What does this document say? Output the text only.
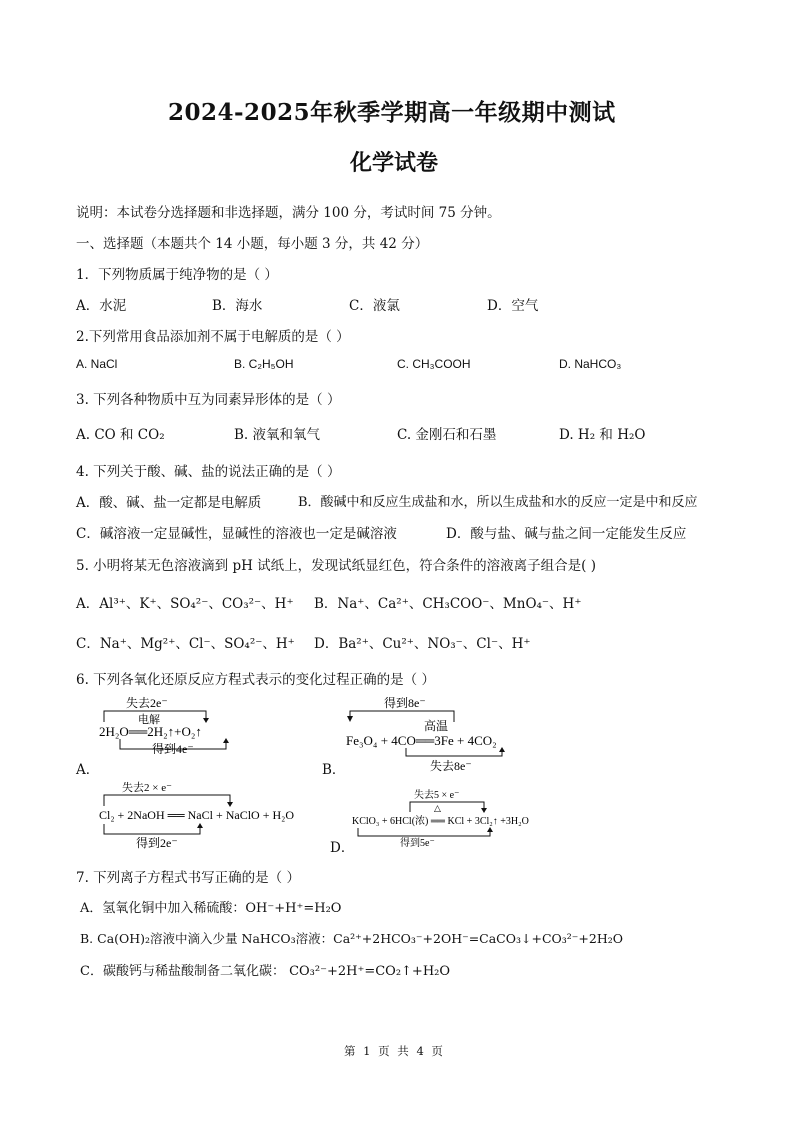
2024-2025年秋季学期高一年级期中测试
化学试卷
说明：本试卷分选择题和非选择题，满分 100 分，考试时间 75 分钟。
一、选择题（本题共个 14 小题，每小题 3 分，共 42 分）
1．下列物质属于纯净物的是（ ）
A．水泥	B．海水	C．液氯	D．空气
2.下列常用食品添加剂不属于电解质的是（ ）
A. NaCl	B. C₂H₅OH	C. CH₃COOH	D. NaHCO₃
3. 下列各种物质中互为同素异形体的是（ ）
A. CO 和 CO₂	B. 液氧和氧气	C. 金刚石和石墨	D. H₂ 和 H₂O
4. 下列关于酸、碱、盐的说法正确的是（ ）
A．酸、碱、盐一定都是电解质	B．酸碱中和反应生成盐和水，所以生成盐和水的反应一定是中和反应
C．碱溶液一定显碱性，显碱性的溶液也一定是碱溶液	D．酸与盐、碱与盐之间一定能发生反应
5. 小明将某无色溶液滴到 pH 试纸上，发现试纸显红色，符合条件的溶液离子组合是( )
A．Al³⁺、K⁺、SO₄²⁻、CO₃²⁻、H⁺ B．Na⁺、Ca²⁺、CH₃COO⁻、MnO₄⁻、H⁺
C．Na⁺、Mg²⁺、Cl⁻、SO₄²⁻、H⁺ D．Ba²⁺、Cu²⁺、NO₃⁻、Cl⁻、H⁺
6. 下列各氧化还原反应方程式表示的变化过程正确的是（ ）
失去2e⁻
电解
2H₂O══2H₂↑+O₂↑
得到4e⁻
A．
得到8e⁻
高温
Fe₃O₄ + 4CO══3Fe + 4CO₂
失去8e⁻
B．
失去2 × e⁻
Cl₂ + 2NaOH ══ NaCl + NaClO + H₂O
得到2e⁻
失去5 × e⁻
△
KClO₃ + 6HCl(浓) ══ KCl + 3Cl₂↑ +3H₂O
得到5e⁻
D．
7. 下列离子方程式书写正确的是（ ）
A．氢氧化铜中加入稀硫酸：OH⁻+H⁺=H₂O
B. Ca(OH)₂溶液中滴入少量 NaHCO₃溶液：Ca²⁺+2HCO₃⁻+2OH⁻=CaCO₃↓+CO₃²⁻+2H₂O
C．碳酸钙与稀盐酸制备二氧化碳： CO₃²⁻+2H⁺=CO₂↑+H₂O
第 1 页 共 4 页
